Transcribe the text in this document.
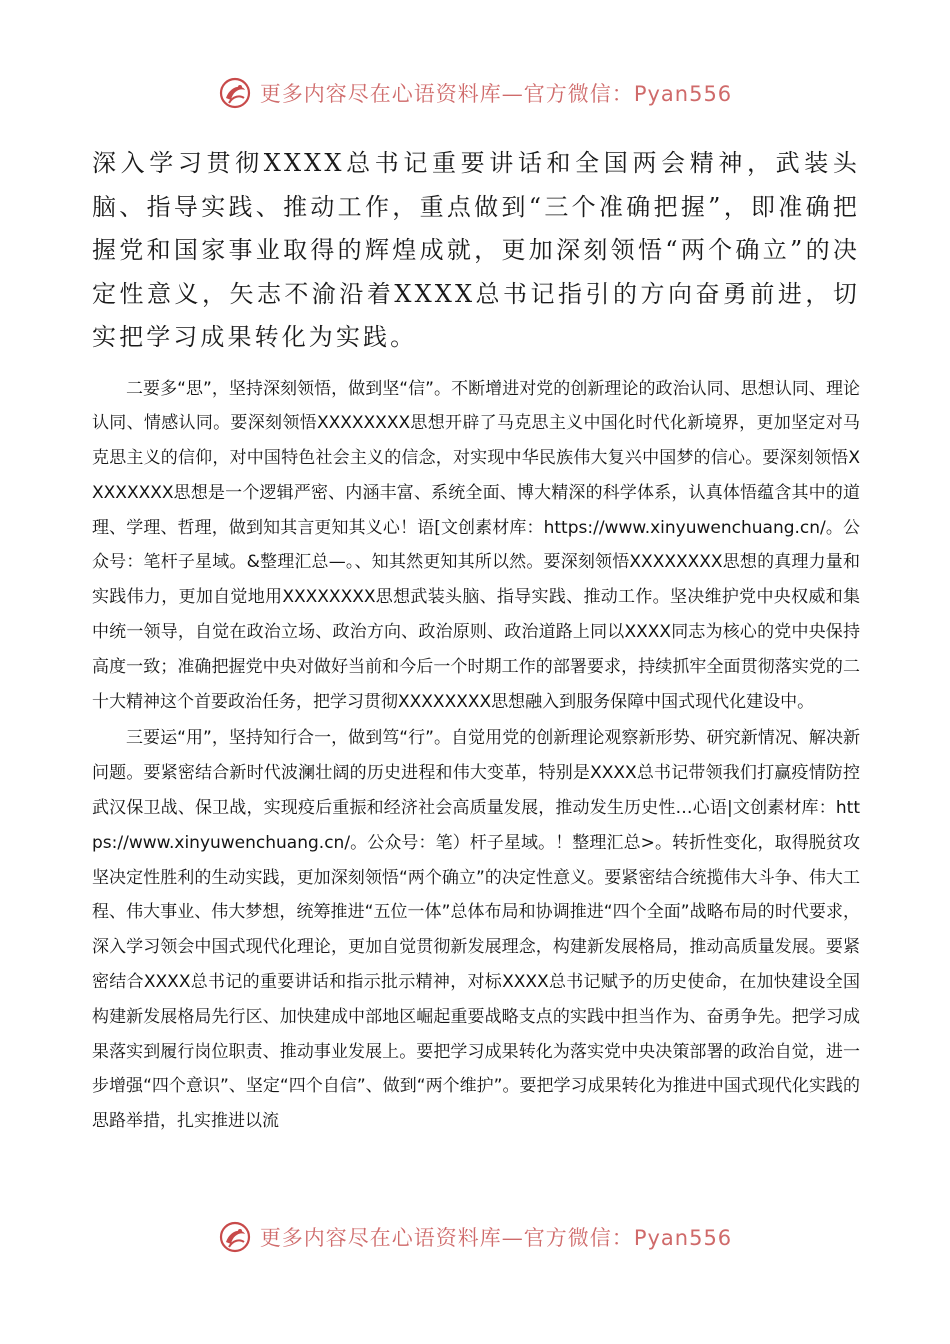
更多内容尽在心语资料库—官方微信：Pyan556

深入学习贯彻XXXX总书记重要讲话和全国两会精神，武装头脑、指导实践、推动工作，重点做到“三个准确把握”，即准确把握党和国家事业取得的辉煌成就，更加深刻领悟“两个确立”的决定性意义，矢志不渝沿着XXXX总书记指引的方向奋勇前进，切实把学习成果转化为实践。

二要多“思”，坚持深刻领悟，做到坚“信”。不断增进对党的创新理论的政治认同、思想认同、理论认同、情感认同。要深刻领悟XXXXXXXX思想开辟了马克思主义中国化时代化新境界，更加坚定对马克思主义的信仰，对中国特色社会主义的信念，对实现中华民族伟大复兴中国梦的信心。要深刻领悟XXXXXXXX思想是一个逻辑严密、内涵丰富、系统全面、博大精深的科学体系，认真体悟蕴含其中的道理、学理、哲理，做到知其言更知其义心！语[文创素材库：https://www.xinyuwenchuang.cn/。公众号：笔杆子星域。&整理汇总—。、知其然更知其所以然。要深刻领悟XXXXXXXX思想的真理力量和实践伟力，更加自觉地用XXXXXXXX思想武装头脑、指导实践、推动工作。坚决维护党中央权威和集中统一领导，自觉在政治立场、政治方向、政治原则、政治道路上同以XXXX同志为核心的党中央保持高度一致；准确把握党中央对做好当前和今后一个时期工作的部署要求，持续抓牢全面贯彻落实党的二十大精神这个首要政治任务，把学习贯彻XXXXXXXX思想融入到服务保障中国式现代化建设中。

三要运“用”，坚持知行合一，做到笃“行”。自觉用党的创新理论观察新形势、研究新情况、解决新问题。要紧密结合新时代波澜壮阔的历史进程和伟大变革，特别是XXXX总书记带领我们打赢疫情防控武汉保卫战、保卫战，实现疫后重振和经济社会高质量发展，推动发生历史性…心语|文创素材库：https://www.xinyuwenchuang.cn/。公众号：笔）杆子星域。！整理汇总>。转折性变化，取得脱贫攻坚决定性胜利的生动实践，更加深刻领悟“两个确立”的决定性意义。要紧密结合统揽伟大斗争、伟大工程、伟大事业、伟大梦想，统筹推进“五位一体”总体布局和协调推进“四个全面”战略布局的时代要求，深入学习领会中国式现代化理论，更加自觉贯彻新发展理念，构建新发展格局，推动高质量发展。要紧密结合XXXX总书记的重要讲话和指示批示精神，对标XXXX总书记赋予的历史使命，在加快建设全国构建新发展格局先行区、加快建成中部地区崛起重要战略支点的实践中担当作为、奋勇争先。把学习成果落实到履行岗位职责、推动事业发展上。要把学习成果转化为落实党中央决策部署的政治自觉，进一步增强“四个意识”、坚定“四个自信”、做到“两个维护”。要把学习成果转化为推进中国式现代化实践的思路举措，扎实推进以流

更多内容尽在心语资料库—官方微信：Pyan556
